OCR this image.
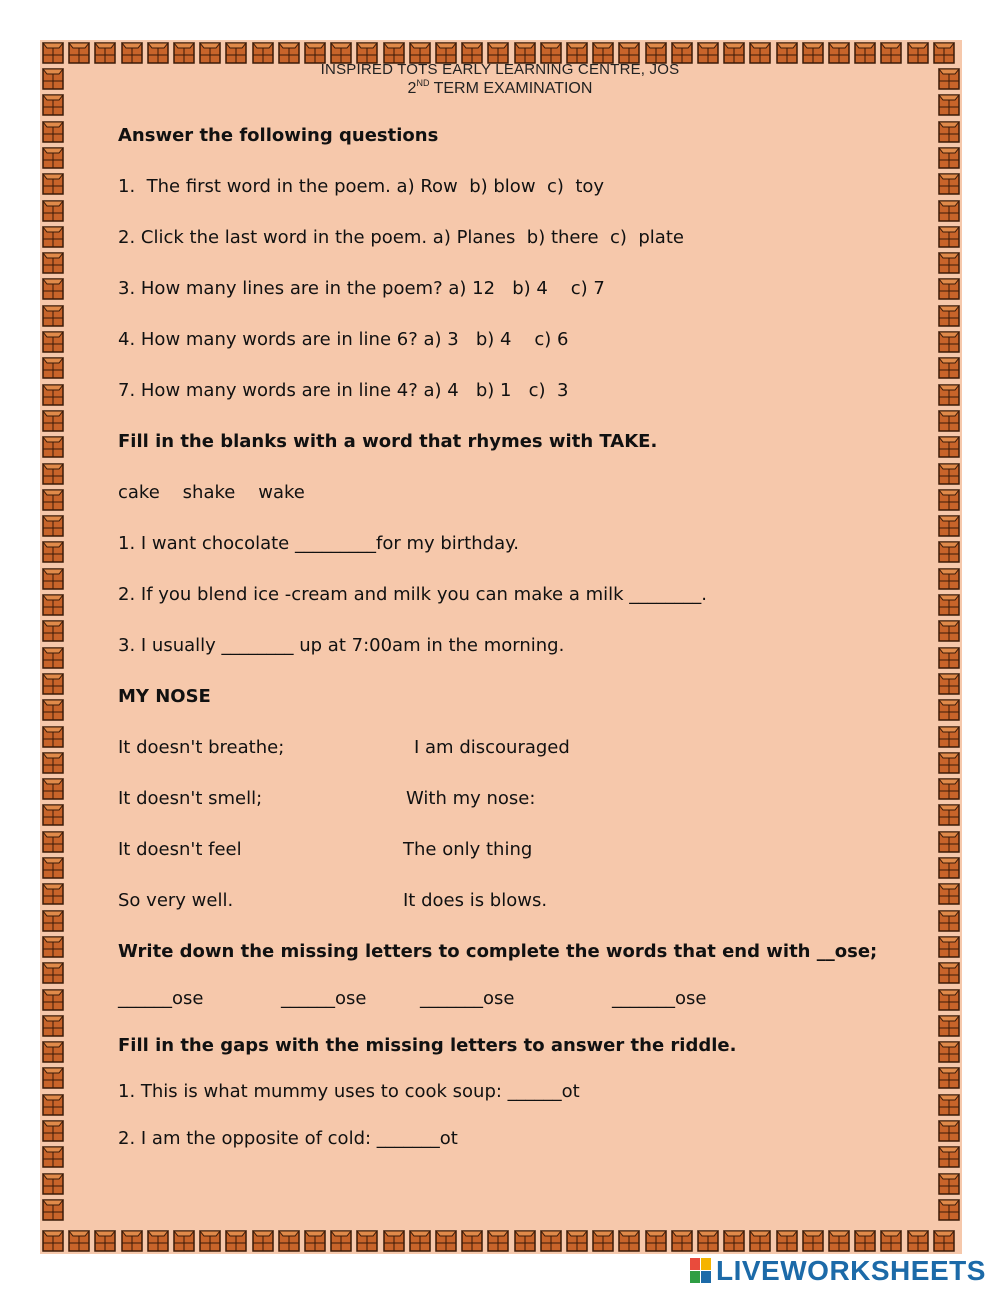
INSPIRED TOTS EARLY LEARNING CENTRE, JOS
2ND TERM EXAMINATION
Answer the following questions
1.  The first word in the poem. a) Row  b) blow  c)  toy
2. Click the last word in the poem. a) Planes  b) there  c)  plate
3. How many lines are in the poem? a) 12   b) 4    c) 7
4. How many words are in line 6? a) 3   b) 4    c) 6
7. How many words are in line 4? a) 4   b) 1   c)  3
Fill in the blanks with a word that rhymes with TAKE.
cake    shake    wake
1. I want chocolate _________for my birthday.
2. If you blend ice -cream and milk you can make a milk ________.
3. I usually ________ up at 7:00am in the morning.
MY NOSE
It doesn't breathe;	I am discouraged
It doesn't smell;	With my nose:
It doesn't feel	The only thing
So very well.	It does is blows.
Write down the missing letters to complete the words that end with __ose;
______ose	______ose	_______ose	_______ose
Fill in the gaps with the missing letters to answer the riddle.
1. This is what mummy uses to cook soup: ______ot
2. I am the opposite of cold: _______ot
LIVEWORKSHEETS
